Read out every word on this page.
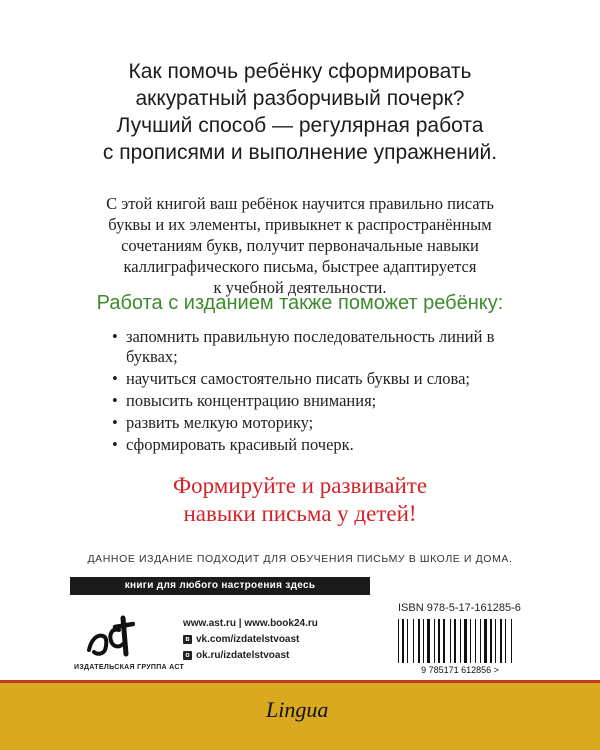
Как помочь ребёнку сформировать
аккуратный разборчивый почерк?
Лучший способ — регулярная работа
с прописями и выполнение упражнений.
С этой книгой ваш ребёнок научится правильно писать
буквы и их элементы, привыкнет к распространённым
сочетаниям букв, получит первоначальные навыки
каллиграфического письма, быстрее адаптируется
к учебной деятельности.
Работа с изданием также поможет ребёнку:
• запомнить правильную последовательность линий в буквах;
• научиться самостоятельно писать буквы и слова;
• повысить концентрацию внимания;
• развить мелкую моторику;
• сформировать красивый почерк.
Формируйте и развивайте
навыки письма у детей!
ДАННОЕ ИЗДАНИЕ ПОДХОДИТ ДЛЯ ОБУЧЕНИЯ ПИСЬМУ В ШКОЛЕ И ДОМА.
книги для любого настроения здесь
ИЗДАТЕЛЬСКАЯ ГРУППА АСТ
www.ast.ru | www.book24.ru
в vk.com/izdatelstvoast
о ok.ru/izdatelstvoast
ISBN 978-5-17-161285-6
9 785171 612856 >
Lingua
